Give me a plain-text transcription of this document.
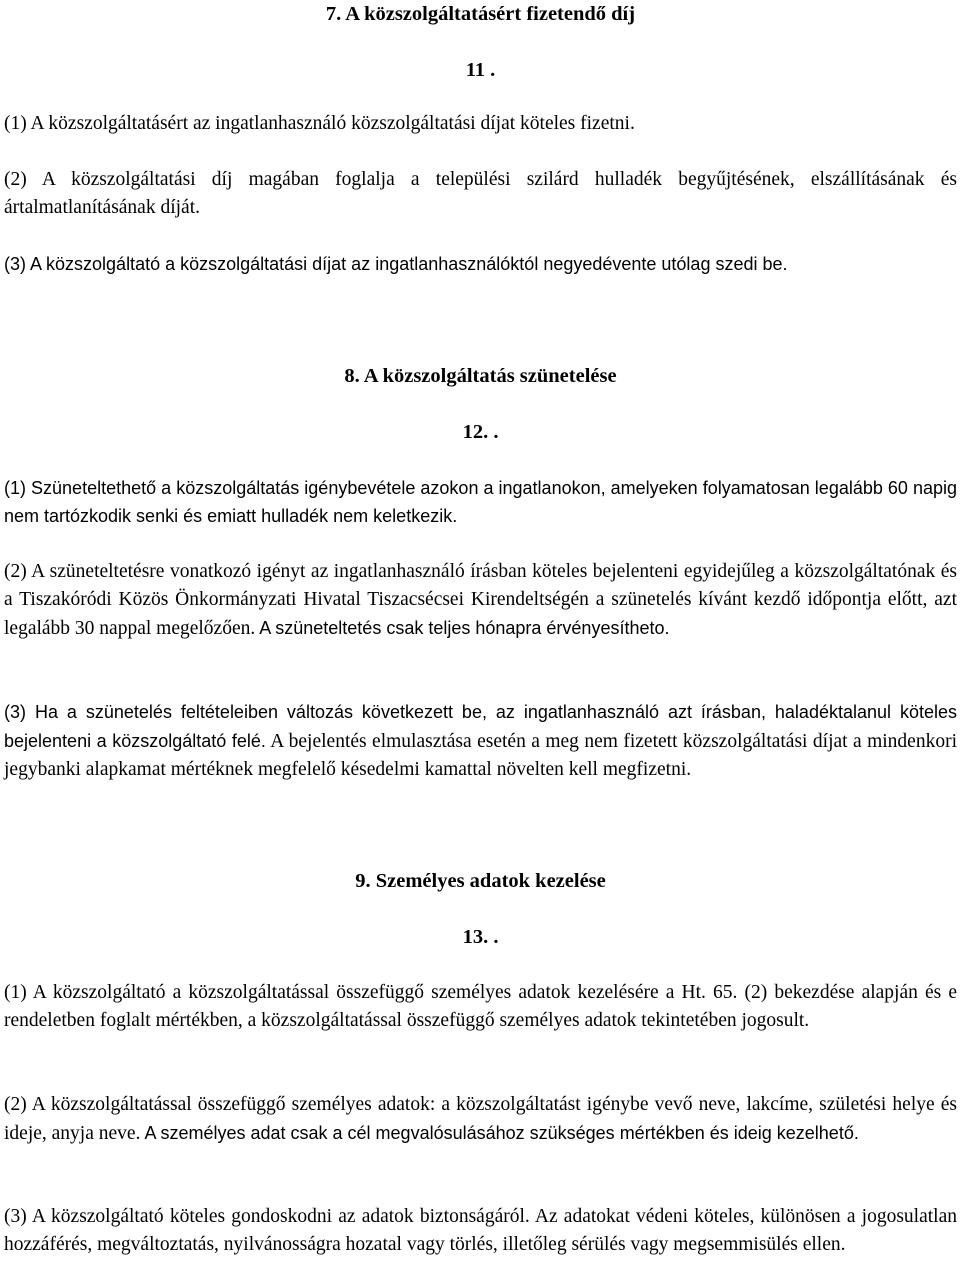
7. A közszolgáltatásért fizetendő díj

11 .

(1) A közszolgáltatásért az ingatlanhasználó közszolgáltatási díjat köteles fizetni.

(2) A közszolgáltatási díj magában foglalja a települési szilárd hulladék begyűjtésének, elszállításának és ártalmatlanításának díját.

(3) A közszolgáltató a közszolgáltatási díjat az ingatlanhasználóktól negyedévente utólag szedi be.

8. A közszolgáltatás szünetelése

12. .

(1) Szüneteltethető a közszolgáltatás igénybevétele azokon a ingatlanokon, amelyeken folyamatosan legalább 60 napig nem tartózkodik senki és emiatt hulladék nem keletkezik.

(2) A szüneteltetésre vonatkozó igényt az ingatlanhasználó írásban köteles bejelenteni egyidejűleg a közszolgáltatónak és a Tiszakóródi Közös Önkormányzati Hivatal Tiszacsécsei Kirendeltségén a szünetelés kívánt kezdő időpontja előtt, azt legalább 30 nappal megelőzően. A szüneteltetés csak teljes hónapra érvényesítheto.

(3) Ha a szünetelés feltételeiben változás következett be, az ingatlanhasználó azt írásban, haladéktalanul köteles bejelenteni a közszolgáltató felé. A bejelentés elmulasztása esetén a meg nem fizetett közszolgáltatási díjat a mindenkori jegybanki alapkamat mértéknek megfelelő késedelmi kamattal növelten kell megfizetni.

9. Személyes adatok kezelése

13. .

(1) A közszolgáltató a közszolgáltatással összefüggő személyes adatok kezelésére a Ht. 65. (2) bekezdése alapján és e rendeletben foglalt mértékben, a közszolgáltatással összefüggő személyes adatok tekintetében jogosult.

(2) A közszolgáltatással összefüggő személyes adatok: a közszolgáltatást igénybe vevő neve, lakcíme, születési helye és ideje, anyja neve. A személyes adat csak a cél megvalósulásához szükséges mértékben és ideig kezelhető.

(3) A közszolgáltató köteles gondoskodni az adatok biztonságáról. Az adatokat védeni köteles, különösen a jogosulatlan hozzáférés, megváltoztatás, nyilvánosságra hozatal vagy törlés, illetőleg sérülés vagy megsemmisülés ellen.
